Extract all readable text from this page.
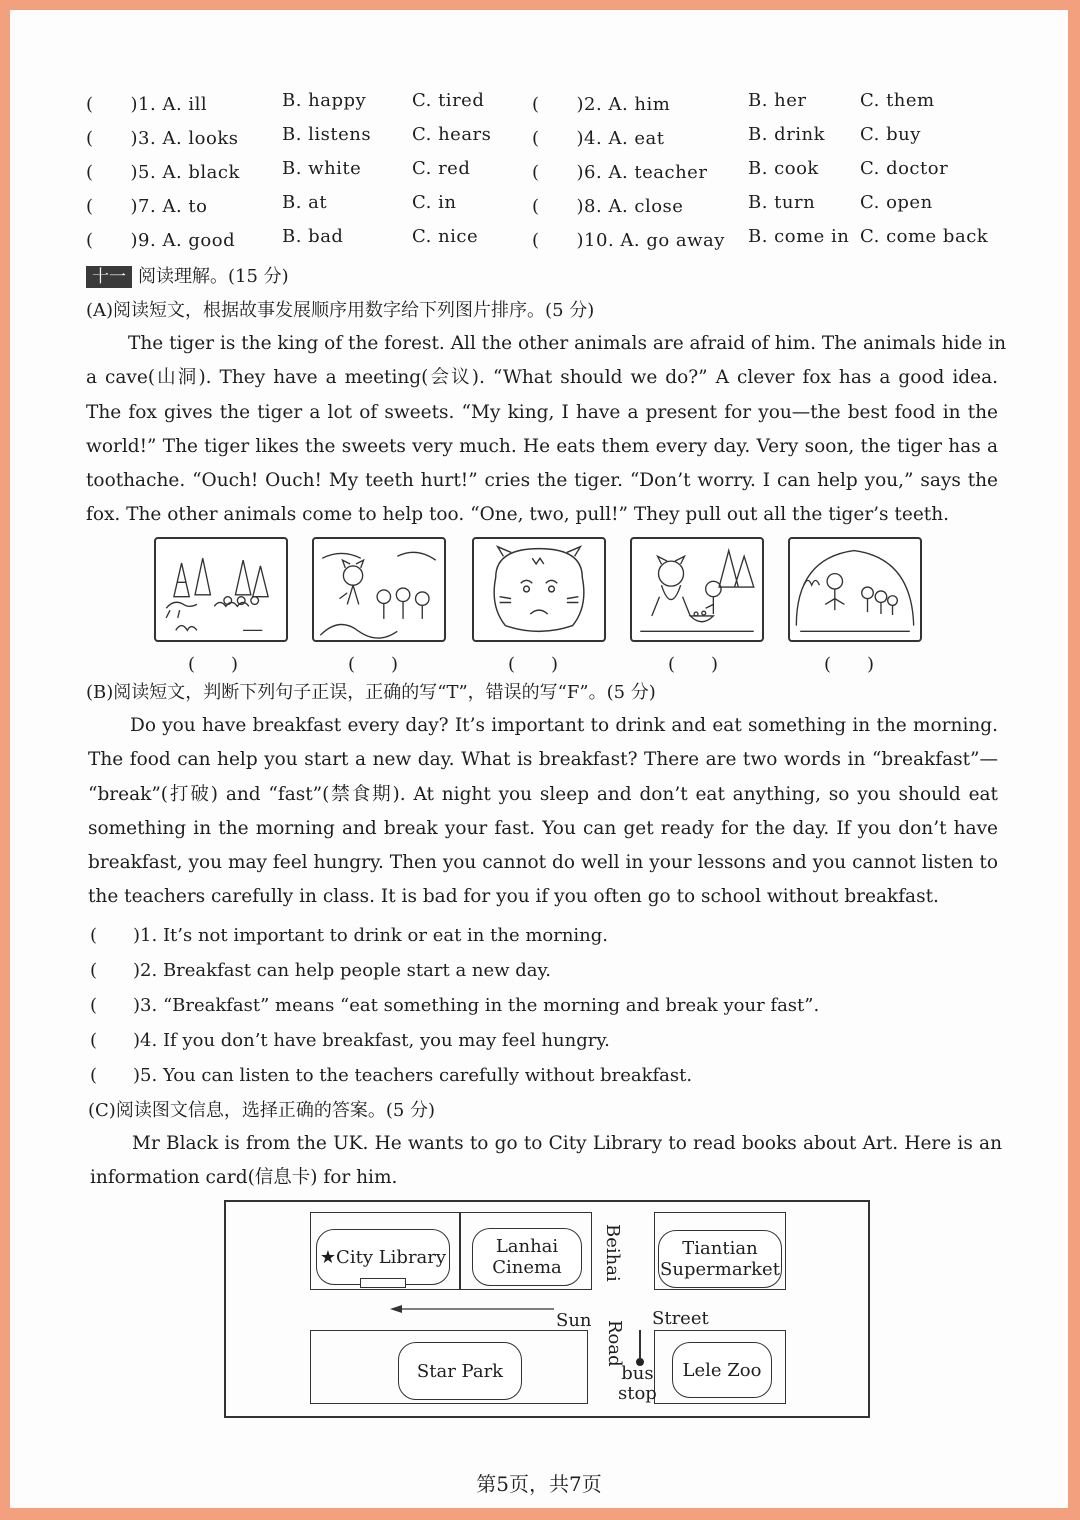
(　　)1. A. ill	B. happy	C. tired	(　　)2. A. him	B. her	C. them
(　　)3. A. looks B. listens C. hears (　　)4. A. eat	B. drink C. buy
(　　)5. A. black B. white	C. red	(　　)6. A. teacher B. cook C. doctor
(　　)7. A. to	B. at	C. in	(　　)8. A. close	B. turn C. open
(　　)9. A. good	B. bad	C. nice	(　　)10. A. go away B. come in C. come back
十一 阅读理解。(15 分)
(A)阅读短文，根据故事发展顺序用数字给下列图片排序。(5 分)
The tiger is the king of the forest. All the other animals are afraid of him. The animals hide in
a cave(山洞). They have a meeting(会议). “What should we do?” A clever fox has a good idea.
The fox gives the tiger a lot of sweets. “My king, I have a present for you—the best food in the
world!” The tiger likes the sweets very much. He eats them every day. Very soon, the tiger has a
toothache. “Ouch! Ouch! My teeth hurt!” cries the tiger. “Don’t worry. I can help you,” says the
fox. The other animals come to help too. “One, two, pull!” They pull out all the tiger’s teeth.
(　　)	(　　)	(　　)	(　　)	(　　)
(B)阅读短文，判断下列句子正误，正确的写“T”，错误的写“F”。(5 分)
Do you have breakfast every day? It’s important to drink and eat something in the morning.
The food can help you start a new day. What is breakfast? There are two words in “breakfast”—
“break”(打破) and “fast”(禁食期). At night you sleep and don’t eat anything, so you should eat
something in the morning and break your fast. You can get ready for the day. If you don’t have
breakfast, you may feel hungry. Then you cannot do well in your lessons and you cannot listen to
the teachers carefully in class. It is bad for you if you often go to school without breakfast.
(　　)1. It’s not important to drink or eat in the morning.
(　　)2. Breakfast can help people start a new day.
(　　)3. “Breakfast” means “eat something in the morning and break your fast”.
(　　)4. If you don’t have breakfast, you may feel hungry.
(　　)5. You can listen to the teachers carefully without breakfast.
(C)阅读图文信息，选择正确的答案。(5 分)
Mr Black is from the UK. He wants to go to City Library to read books about Art. Here is an
information card(信息卡) for him.
★City Library	Lanhai
Cinema Beihai	Tiantian
Supermarket
Sun	Street
Road
Star Park	bus
stop
Lele Zoo
第5页，共7页
